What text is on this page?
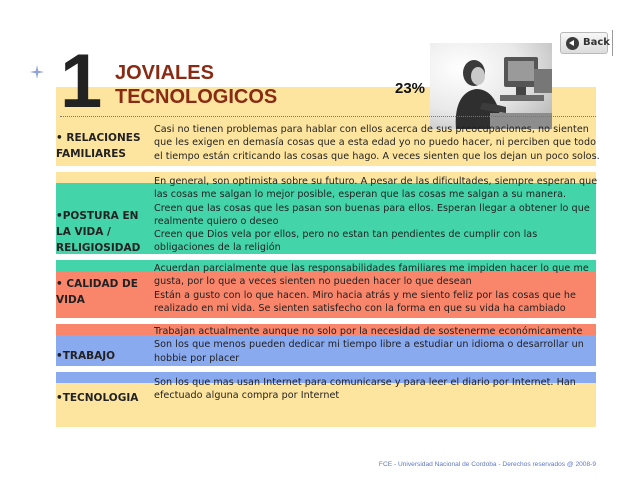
Back
1 JOVIALES
TECNOLOGICOS	23%
• RELACIONES FAMILIARES
Casi no tienen problemas para hablar con ellos acerca de sus preocupaciones, no sienten
que les exigen en demasía cosas que a esta edad yo no puedo hacer, ni perciben que todo
el tiempo están criticando las cosas que hago. A veces sienten que los dejan un poco solos.
•POSTURA EN LA VIDA / RELIGIOSIDAD
En general, son optimista sobre su futuro. A pesar de las dificultades, siempre esperan que
las cosas me salgan lo mejor posible, esperan que las cosas me salgan a su manera.
Creen que las cosas que les pasan son buenas para ellos. Esperan llegar a obtener lo que
realmente quiero o deseo
Creen que Dios vela por ellos, pero no estan tan pendientes de cumplir con las
obligaciones de la religión
• CALIDAD DE VIDA
Acuerdan parcialmente que las responsabilidades familiares me impiden hacer lo que me
gusta, por lo que a veces sienten no pueden hacer lo que desean
Están a gusto con lo que hacen. Miro hacia atrás y me siento feliz por las cosas que he
realizado en mi vida. Se sienten satisfecho con la forma en que su vida ha cambiado
•TRABAJO
Trabajan actualmente aunque no solo por la necesidad de sostenerme económicamente
Son los que menos pueden dedicar mi tiempo libre a estudiar un idioma o desarrollar un
hobbie por placer
•TECNOLOGIA
Son los que mas usan Internet para comunicarse y para leer el diario por Internet. Han
efectuado alguna compra por Internet
FCE - Universidad Nacional de Cordoba - Derechos reservados @ 2008-9
